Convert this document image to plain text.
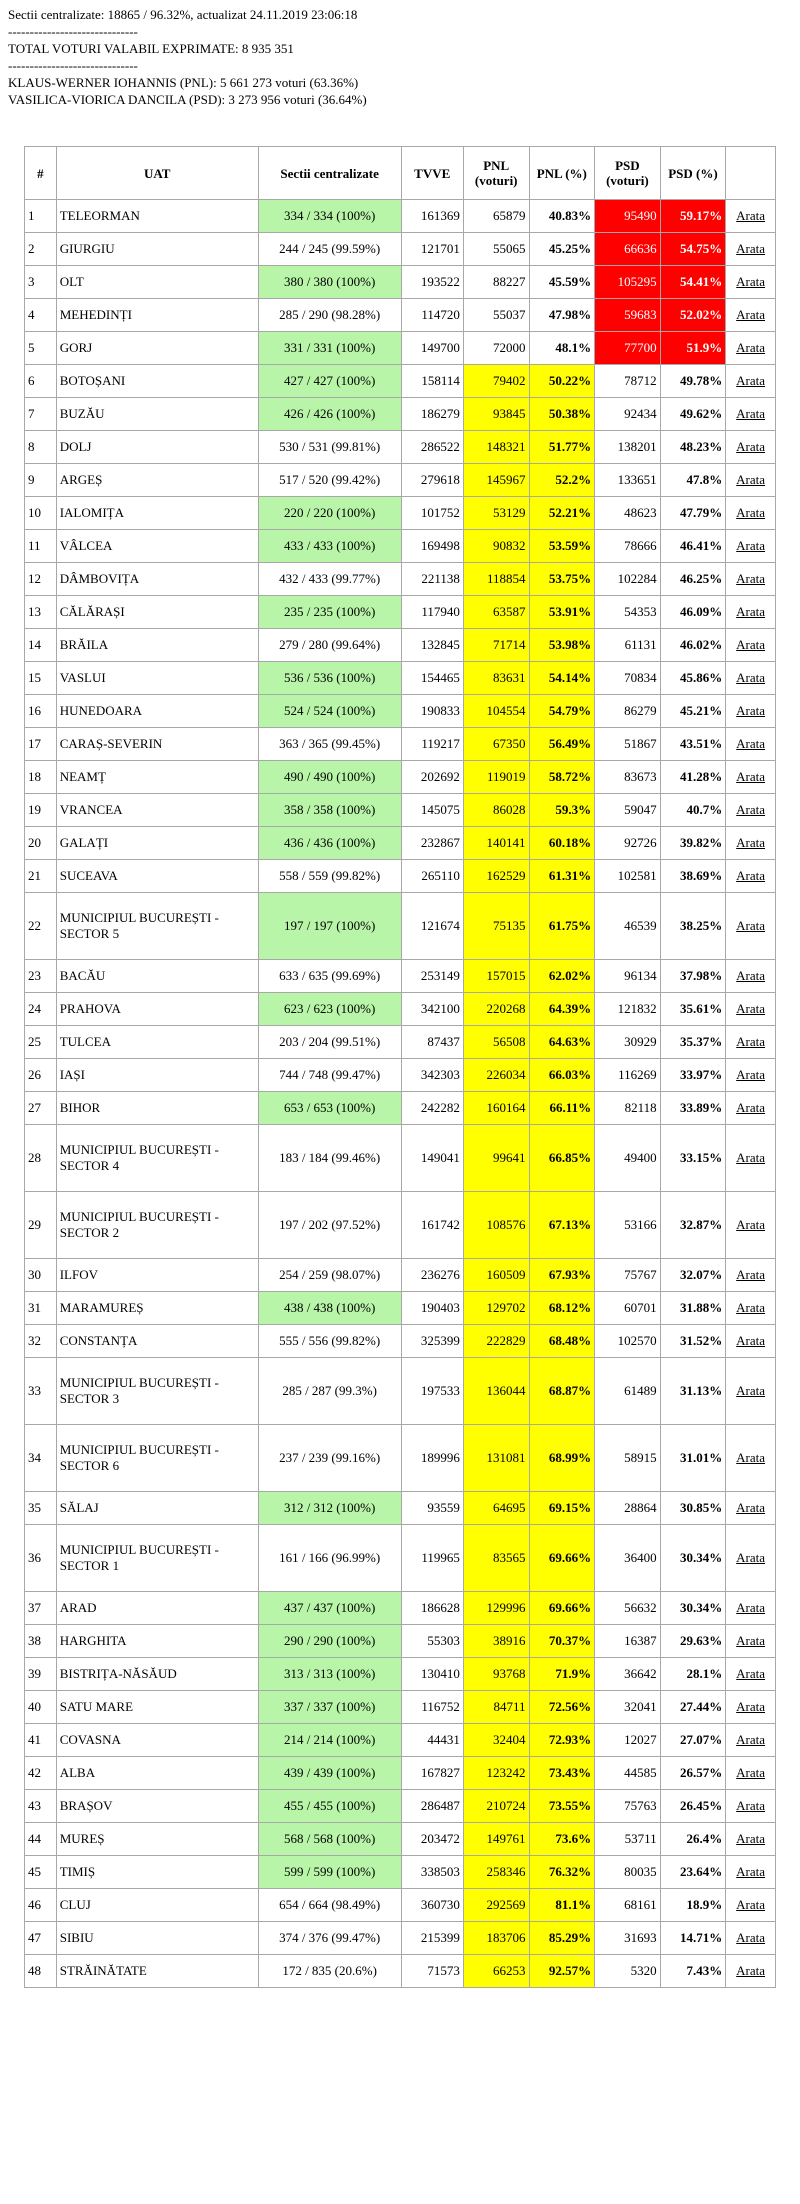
Sectii centralizate: 18865 / 96.32%, actualizat 24.11.2019 23:06:18
------------------------------
TOTAL VOTURI VALABIL EXPRIMATE: 8 935 351
------------------------------
KLAUS-WERNER IOHANNIS (PNL): 5 661 273 voturi (63.36%)
VASILICA-VIORICA DANCILA (PSD): 3 273 956 voturi (36.64%)
#	UAT	Sectii centralizate	TVVE	PNL (voturi)	PNL (%)	PSD (voturi)	PSD (%)	
1	TELEORMAN	334 / 334 (100%)	161369	65879	40.83%	95490	59.17%	Arata
2	GIURGIU	244 / 245 (99.59%)	121701	55065	45.25%	66636	54.75%	Arata
3	OLT	380 / 380 (100%)	193522	88227	45.59%	105295	54.41%	Arata
4	MEHEDINȚI	285 / 290 (98.28%)	114720	55037	47.98%	59683	52.02%	Arata
5	GORJ	331 / 331 (100%)	149700	72000	48.1%	77700	51.9%	Arata
6	BOTOȘANI	427 / 427 (100%)	158114	79402	50.22%	78712	49.78%	Arata
7	BUZĂU	426 / 426 (100%)	186279	93845	50.38%	92434	49.62%	Arata
8	DOLJ	530 / 531 (99.81%)	286522	148321	51.77%	138201	48.23%	Arata
9	ARGEȘ	517 / 520 (99.42%)	279618	145967	52.2%	133651	47.8%	Arata
10	IALOMIȚA	220 / 220 (100%)	101752	53129	52.21%	48623	47.79%	Arata
11	VÂLCEA	433 / 433 (100%)	169498	90832	53.59%	78666	46.41%	Arata
12	DÂMBOVIȚA	432 / 433 (99.77%)	221138	118854	53.75%	102284	46.25%	Arata
13	CĂLĂRAȘI	235 / 235 (100%)	117940	63587	53.91%	54353	46.09%	Arata
14	BRĂILA	279 / 280 (99.64%)	132845	71714	53.98%	61131	46.02%	Arata
15	VASLUI	536 / 536 (100%)	154465	83631	54.14%	70834	45.86%	Arata
16	HUNEDOARA	524 / 524 (100%)	190833	104554	54.79%	86279	45.21%	Arata
17	CARAȘ-SEVERIN	363 / 365 (99.45%)	119217	67350	56.49%	51867	43.51%	Arata
18	NEAMȚ	490 / 490 (100%)	202692	119019	58.72%	83673	41.28%	Arata
19	VRANCEA	358 / 358 (100%)	145075	86028	59.3%	59047	40.7%	Arata
20	GALAȚI	436 / 436 (100%)	232867	140141	60.18%	92726	39.82%	Arata
21	SUCEAVA	558 / 559 (99.82%)	265110	162529	61.31%	102581	38.69%	Arata
22	MUNICIPIUL BUCUREȘTI - SECTOR 5	197 / 197 (100%)	121674	75135	61.75%	46539	38.25%	Arata
23	BACĂU	633 / 635 (99.69%)	253149	157015	62.02%	96134	37.98%	Arata
24	PRAHOVA	623 / 623 (100%)	342100	220268	64.39%	121832	35.61%	Arata
25	TULCEA	203 / 204 (99.51%)	87437	56508	64.63%	30929	35.37%	Arata
26	IAȘI	744 / 748 (99.47%)	342303	226034	66.03%	116269	33.97%	Arata
27	BIHOR	653 / 653 (100%)	242282	160164	66.11%	82118	33.89%	Arata
28	MUNICIPIUL BUCUREȘTI - SECTOR 4	183 / 184 (99.46%)	149041	99641	66.85%	49400	33.15%	Arata
29	MUNICIPIUL BUCUREȘTI - SECTOR 2	197 / 202 (97.52%)	161742	108576	67.13%	53166	32.87%	Arata
30	ILFOV	254 / 259 (98.07%)	236276	160509	67.93%	75767	32.07%	Arata
31	MARAMUREȘ	438 / 438 (100%)	190403	129702	68.12%	60701	31.88%	Arata
32	CONSTANȚA	555 / 556 (99.82%)	325399	222829	68.48%	102570	31.52%	Arata
33	MUNICIPIUL BUCUREȘTI - SECTOR 3	285 / 287 (99.3%)	197533	136044	68.87%	61489	31.13%	Arata
34	MUNICIPIUL BUCUREȘTI - SECTOR 6	237 / 239 (99.16%)	189996	131081	68.99%	58915	31.01%	Arata
35	SĂLAJ	312 / 312 (100%)	93559	64695	69.15%	28864	30.85%	Arata
36	MUNICIPIUL BUCUREȘTI - SECTOR 1	161 / 166 (96.99%)	119965	83565	69.66%	36400	30.34%	Arata
37	ARAD	437 / 437 (100%)	186628	129996	69.66%	56632	30.34%	Arata
38	HARGHITA	290 / 290 (100%)	55303	38916	70.37%	16387	29.63%	Arata
39	BISTRIȚA-NĂSĂUD	313 / 313 (100%)	130410	93768	71.9%	36642	28.1%	Arata
40	SATU MARE	337 / 337 (100%)	116752	84711	72.56%	32041	27.44%	Arata
41	COVASNA	214 / 214 (100%)	44431	32404	72.93%	12027	27.07%	Arata
42	ALBA	439 / 439 (100%)	167827	123242	73.43%	44585	26.57%	Arata
43	BRAȘOV	455 / 455 (100%)	286487	210724	73.55%	75763	26.45%	Arata
44	MUREȘ	568 / 568 (100%)	203472	149761	73.6%	53711	26.4%	Arata
45	TIMIȘ	599 / 599 (100%)	338503	258346	76.32%	80035	23.64%	Arata
46	CLUJ	654 / 664 (98.49%)	360730	292569	81.1%	68161	18.9%	Arata
47	SIBIU	374 / 376 (99.47%)	215399	183706	85.29%	31693	14.71%	Arata
48	STRĂINĂTATE	172 / 835 (20.6%)	71573	66253	92.57%	5320	7.43%	Arata
